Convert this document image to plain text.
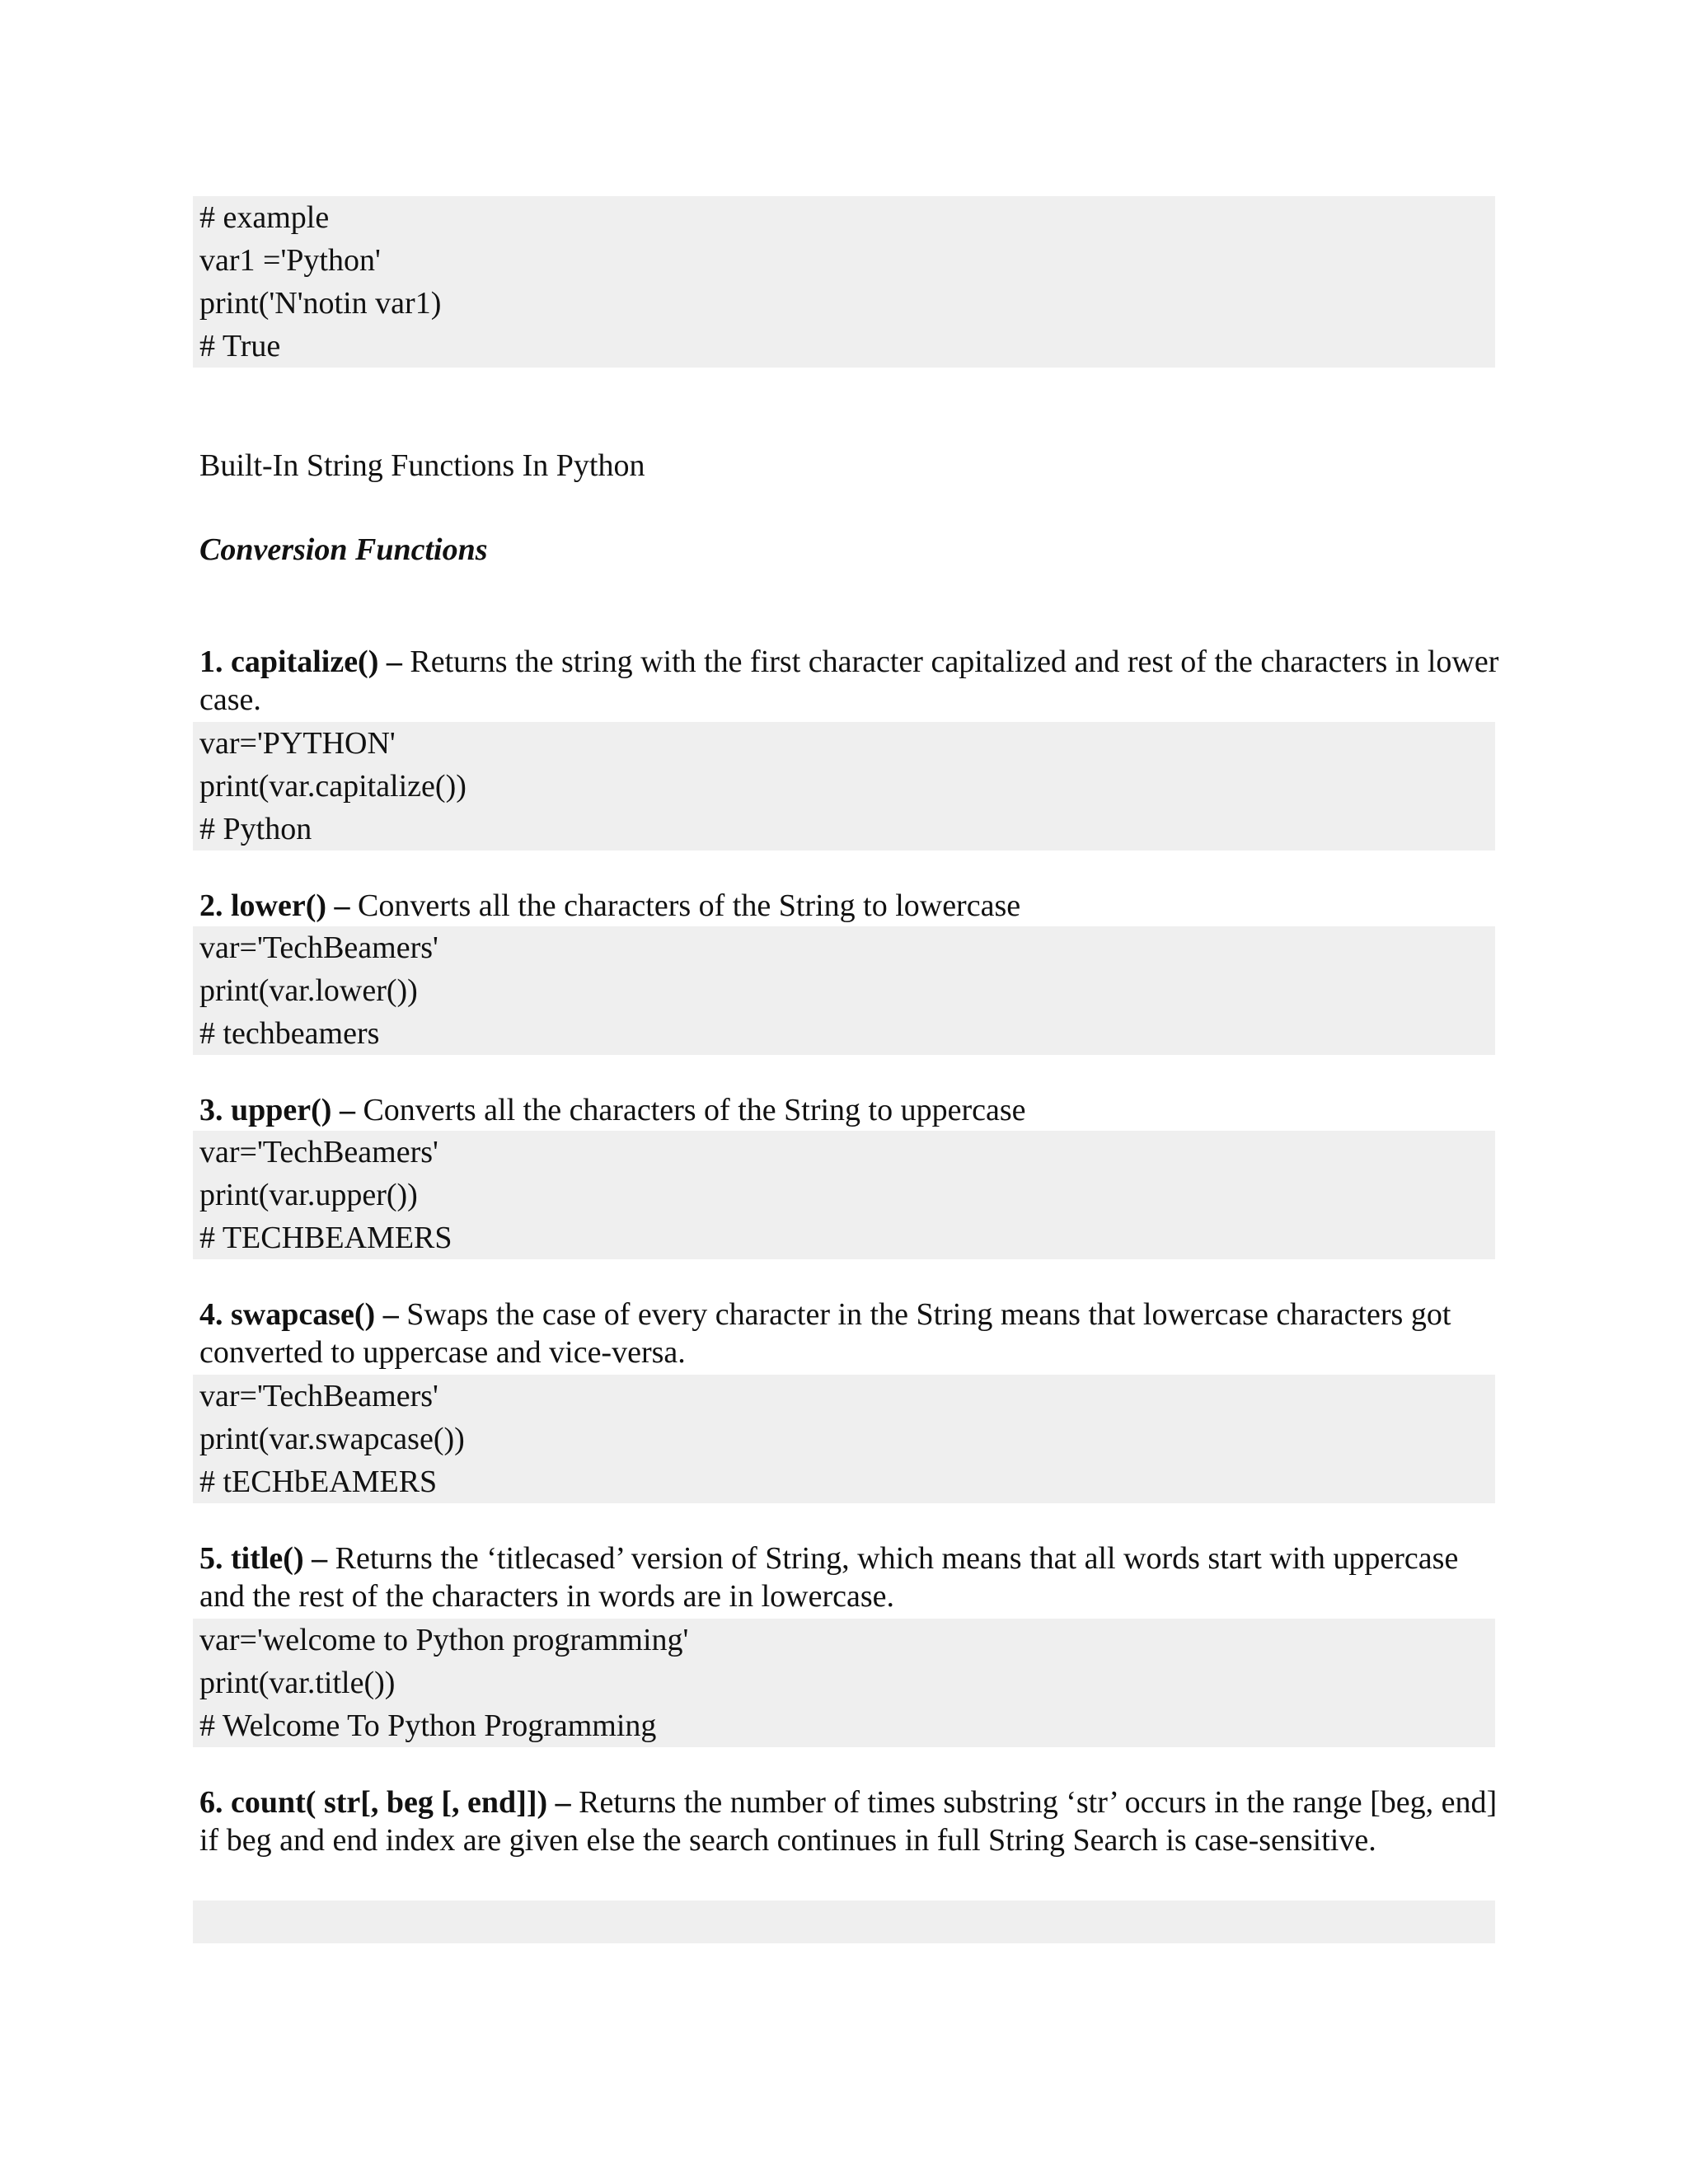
# example
var1 ='Python'
print('N'notin var1)
# True
Built-In String Functions In Python
Conversion Functions
1. capitalize() – Returns the string with the first character capitalized and rest of the characters in lower case.
var='PYTHON'
print(var.capitalize())
# Python
2. lower() – Converts all the characters of the String to lowercase
var='TechBeamers'
print(var.lower())
# techbeamers
3. upper() – Converts all the characters of the String to uppercase
var='TechBeamers'
print(var.upper())
# TECHBEAMERS
4. swapcase() – Swaps the case of every character in the String means that lowercase characters got converted to uppercase and vice-versa.
var='TechBeamers'
print(var.swapcase())
# tECHbEAMERS
5. title() – Returns the ‘titlecased’ version of String, which means that all words start with uppercase and the rest of the characters in words are in lowercase.
var='welcome to Python programming'
print(var.title())
# Welcome To Python Programming
6. count( str[, beg [, end]]) – Returns the number of times substring ‘str’ occurs in the range [beg, end] if beg and end index are given else the search continues in full String Search is case-sensitive.
